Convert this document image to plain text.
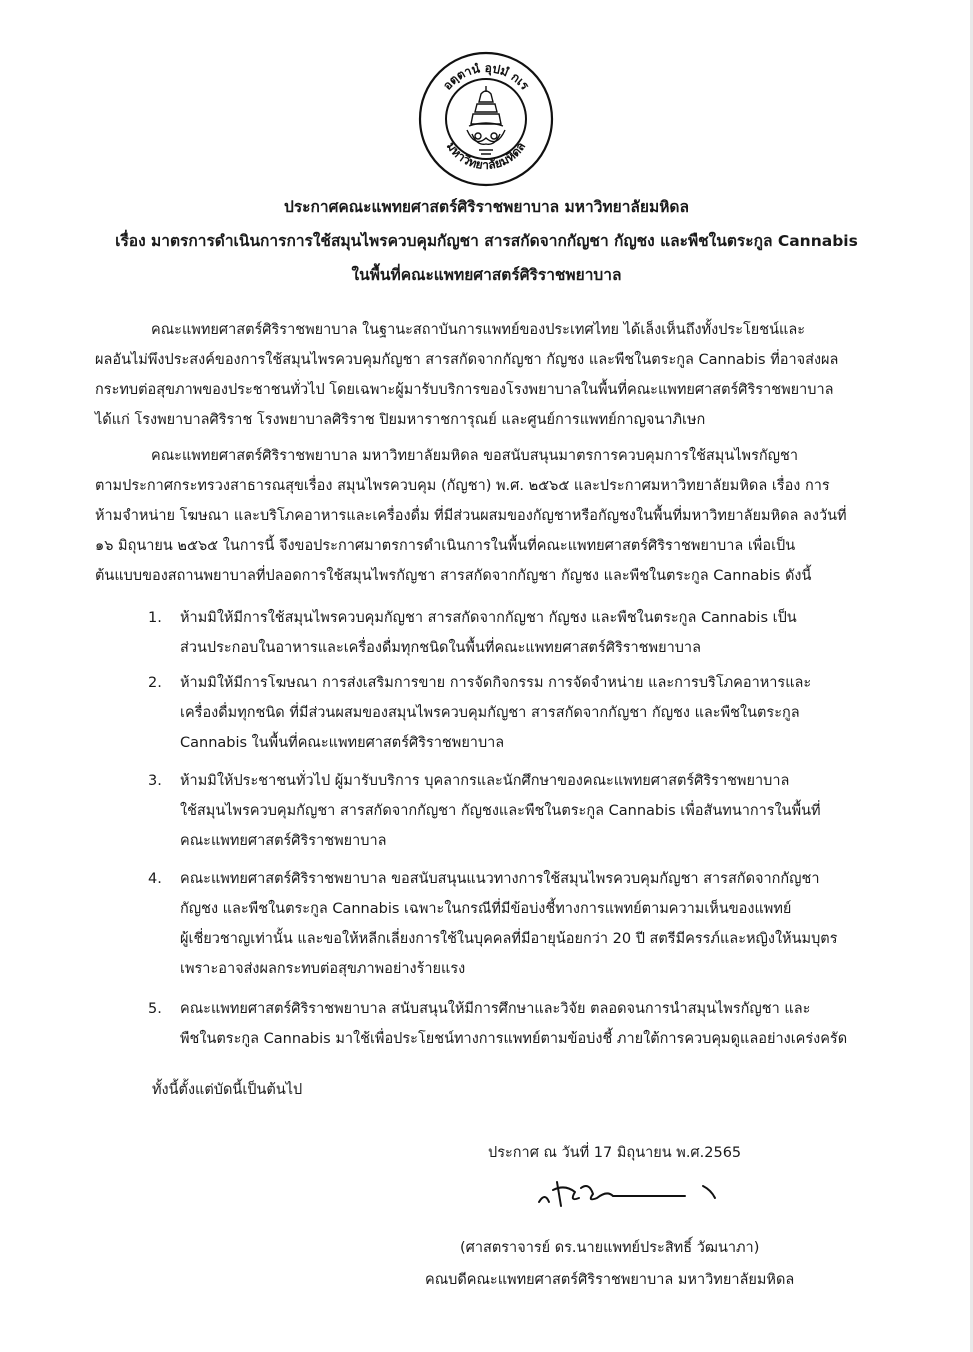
อตฺตานํ อุปมํ กเร
มหาวิทยาลัยมหิดล
ประกาศคณะแพทยศาสตร์ศิริราชพยาบาล มหาวิทยาลัยมหิดล
เรื่อง มาตรการดำเนินการการใช้สมุนไพรควบคุมกัญชา สารสกัดจากกัญชา กัญชง และพืชในตระกูล Cannabis
ในพื้นที่คณะแพทยศาสตร์ศิริราชพยาบาล
คณะแพทยศาสตร์ศิริราชพยาบาล ในฐานะสถาบันการแพทย์ของประเทศไทย ได้เล็งเห็นถึงทั้งประโยชน์และ
ผลอันไม่พึงประสงค์ของการใช้สมุนไพรควบคุมกัญชา สารสกัดจากกัญชา กัญชง และพืชในตระกูล Cannabis ที่อาจส่งผล
กระทบต่อสุขภาพของประชาชนทั่วไป โดยเฉพาะผู้มารับบริการของโรงพยาบาลในพื้นที่คณะแพทยศาสตร์ศิริราชพยาบาล
ได้แก่ โรงพยาบาลศิริราช โรงพยาบาลศิริราช ปิยมหาราชการุณย์ และศูนย์การแพทย์กาญจนาภิเษก
คณะแพทยศาสตร์ศิริราชพยาบาล มหาวิทยาลัยมหิดล ขอสนับสนุนมาตรการควบคุมการใช้สมุนไพรกัญชา
ตามประกาศกระทรวงสาธารณสุขเรื่อง สมุนไพรควบคุม (กัญชา) พ.ศ. ๒๕๖๕ และประกาศมหาวิทยาลัยมหิดล เรื่อง การ
ห้ามจำหน่าย โฆษณา และบริโภคอาหารและเครื่องดื่ม ที่มีส่วนผสมของกัญชาหรือกัญชงในพื้นที่มหาวิทยาลัยมหิดล ลงวันที่
๑๖ มิถุนายน ๒๕๖๕ ในการนี้ จึงขอประกาศมาตรการดำเนินการในพื้นที่คณะแพทยศาสตร์ศิริราชพยาบาล เพื่อเป็น
ต้นแบบของสถานพยาบาลที่ปลอดการใช้สมุนไพรกัญชา สารสกัดจากกัญชา กัญชง และพืชในตระกูล Cannabis ดังนี้
1. ห้ามมิให้มีการใช้สมุนไพรควบคุมกัญชา สารสกัดจากกัญชา กัญชง และพืชในตระกูล Cannabis เป็น
ส่วนประกอบในอาหารและเครื่องดื่มทุกชนิดในพื้นที่คณะแพทยศาสตร์ศิริราชพยาบาล
2. ห้ามมิให้มีการโฆษณา การส่งเสริมการขาย การจัดกิจกรรม การจัดจำหน่าย และการบริโภคอาหารและ
เครื่องดื่มทุกชนิด ที่มีส่วนผสมของสมุนไพรควบคุมกัญชา สารสกัดจากกัญชา กัญชง และพืชในตระกูล
Cannabis ในพื้นที่คณะแพทยศาสตร์ศิริราชพยาบาล
3. ห้ามมิให้ประชาชนทั่วไป ผู้มารับบริการ บุคลากรและนักศึกษาของคณะแพทยศาสตร์ศิริราชพยาบาล
ใช้สมุนไพรควบคุมกัญชา สารสกัดจากกัญชา กัญชงและพืชในตระกูล Cannabis เพื่อสันทนาการในพื้นที่
คณะแพทยศาสตร์ศิริราชพยาบาล
4. คณะแพทยศาสตร์ศิริราชพยาบาล ขอสนับสนุนแนวทางการใช้สมุนไพรควบคุมกัญชา สารสกัดจากกัญชา
กัญชง และพืชในตระกูล Cannabis เฉพาะในกรณีที่มีข้อบ่งชี้ทางการแพทย์ตามความเห็นของแพทย์
ผู้เชี่ยวชาญเท่านั้น และขอให้หลีกเลี่ยงการใช้ในบุคคลที่มีอายุน้อยกว่า 20 ปี สตรีมีครรภ์และหญิงให้นมบุตร
เพราะอาจส่งผลกระทบต่อสุขภาพอย่างร้ายแรง
5. คณะแพทยศาสตร์ศิริราชพยาบาล สนับสนุนให้มีการศึกษาและวิจัย ตลอดจนการนำสมุนไพรกัญชา และ
พืชในตระกูล Cannabis มาใช้เพื่อประโยชน์ทางการแพทย์ตามข้อบ่งชี้ ภายใต้การควบคุมดูแลอย่างเคร่งครัด
ทั้งนี้ตั้งแต่บัดนี้เป็นต้นไป
ประกาศ ณ วันที่ 17 มิถุนายน พ.ศ.2565
(ศาสตราจารย์ ดร.นายแพทย์ประสิทธิ์ วัฒนาภา)
คณบดีคณะแพทยศาสตร์ศิริราชพยาบาล มหาวิทยาลัยมหิดล
